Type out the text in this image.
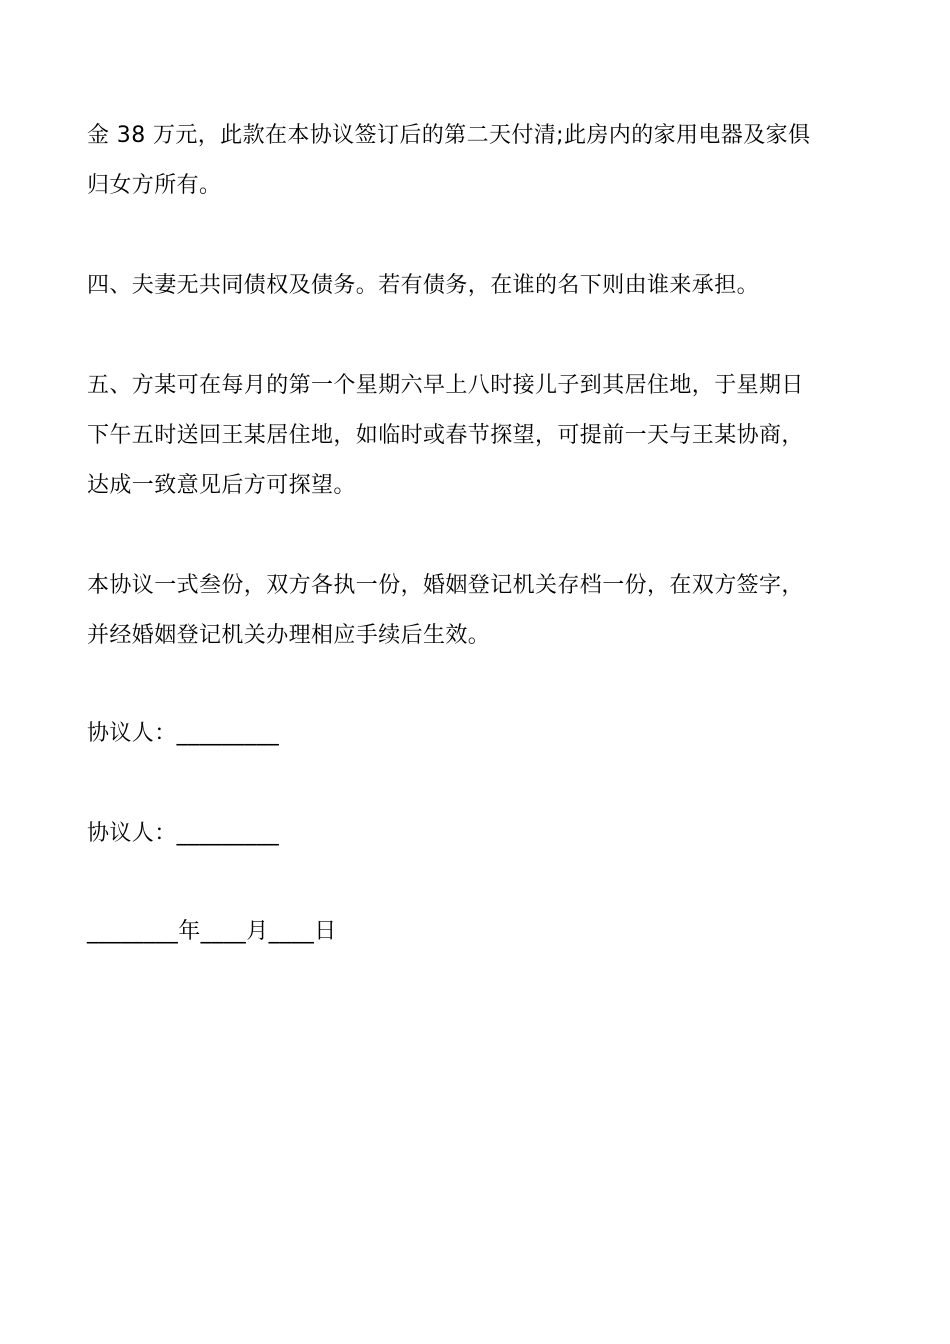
金 38 万元，此款在本协议签订后的第二天付清;此房内的家用电器及家俱
归女方所有。
四、夫妻无共同债权及债务。若有债务，在谁的名下则由谁来承担。
五、方某可在每月的第一个星期六早上八时接儿子到其居住地，于星期日
下午五时送回王某居住地，如临时或春节探望，可提前一天与王某协商，
达成一致意见后方可探望。
本协议一式叁份，双方各执一份，婚姻登记机关存档一份，在双方签字，
并经婚姻登记机关办理相应手续后生效。
协议人：_________
协议人：_________
________年____月____日
